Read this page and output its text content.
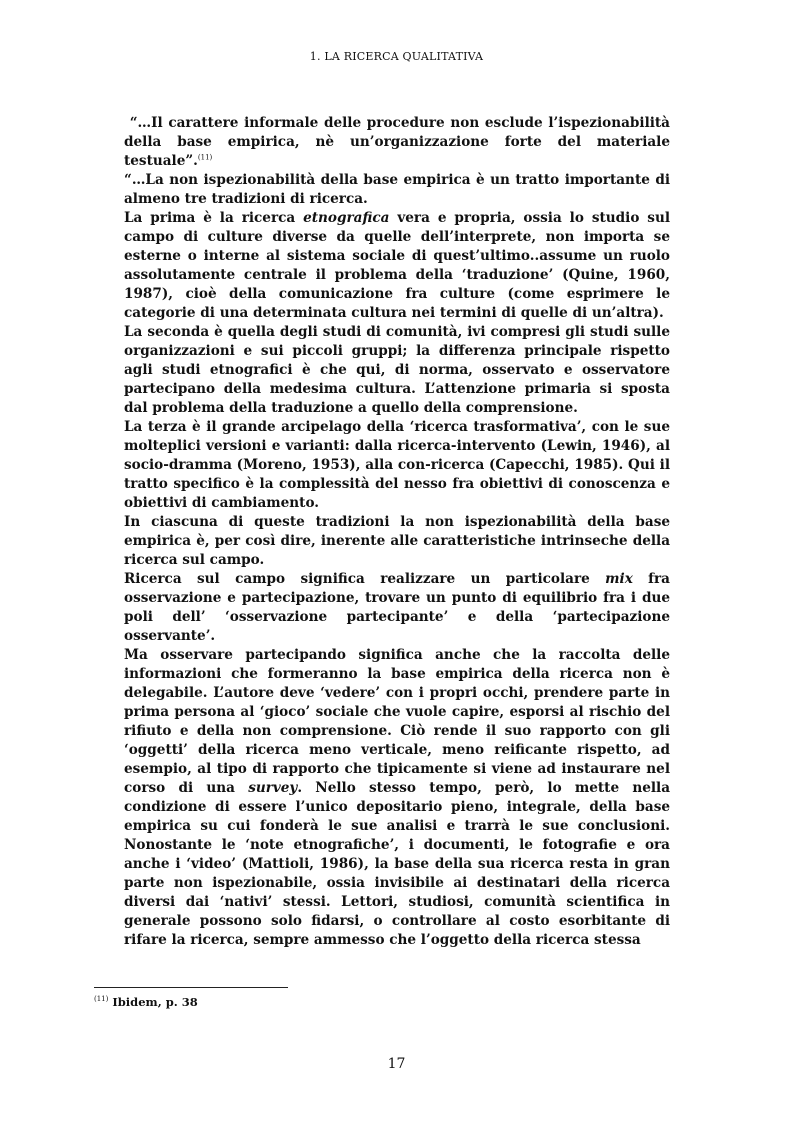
1. LA RICERCA QUALITATIVA

“…Il carattere informale delle procedure non esclude l’ispezionabilità della base empirica, nè un’organizzazione forte del materiale testuale”.$^{(11)}$

“…La non ispezionabilità della base empirica è un tratto importante di almeno tre tradizioni di ricerca.

La prima è la ricerca etnografica vera e propria, ossia lo studio sul campo di culture diverse da quelle dell’interprete, non importa se esterne o interne al sistema sociale di quest’ultimo..assume un ruolo assolutamente centrale il problema della ‘traduzione’ (Quine, 1960, 1987), cioè della comunicazione fra culture (come esprimere le categorie di una determinata cultura nei termini di quelle di un’altra).

La seconda è quella degli studi di comunità, ivi compresi gli studi sulle organizzazioni e sui piccoli gruppi; la differenza principale rispetto agli studi etnografici è che qui, di norma, osservato e osservatore partecipano della medesima cultura. L’attenzione primaria si sposta dal problema della traduzione a quello della comprensione.

La terza è il grande arcipelago della ‘ricerca trasformativa’, con le sue molteplici versioni e varianti: dalla ricerca-intervento (Lewin, 1946), al socio-dramma (Moreno, 1953), alla con-ricerca (Capecchi, 1985). Qui il tratto specifico è la complessità del nesso fra obiettivi di conoscenza e obiettivi di cambiamento.

In ciascuna di queste tradizioni la non ispezionabilità della base empirica è, per così dire, inerente alle caratteristiche intrinseche della ricerca sul campo.

Ricerca sul campo significa realizzare un particolare mix fra osservazione e partecipazione, trovare un punto di equilibrio fra i due poli dell’ ‘osservazione partecipante’ e della ‘partecipazione osservante’.

Ma osservare partecipando significa anche che la raccolta delle informazioni che formeranno la base empirica della ricerca non è delegabile. L’autore deve ‘vedere’ con i propri occhi, prendere parte in prima persona al ‘gioco’ sociale che vuole capire, esporsi al rischio del rifiuto e della non comprensione. Ciò rende il suo rapporto con gli ‘oggetti’ della ricerca meno verticale, meno reificante rispetto, ad esempio, al tipo di rapporto che tipicamente si viene ad instaurare nel corso di una survey. Nello stesso tempo, però, lo mette nella condizione di essere l’unico depositario pieno, integrale, della base empirica su cui fonderà le sue analisi e trarrà le sue conclusioni. Nonostante le ‘note etnografiche’, i documenti, le fotografie e ora anche i ‘video’ (Mattioli, 1986), la base della sua ricerca resta in gran parte non ispezionabile, ossia invisibile ai destinatari della ricerca diversi dai ‘nativi’ stessi. Lettori, studiosi, comunità scientifica in generale possono solo fidarsi, o controllare al costo esorbitante di rifare la ricerca, sempre ammesso che l’oggetto della ricerca stessa

$^{(11)}$ Ibidem, p. 38
17
